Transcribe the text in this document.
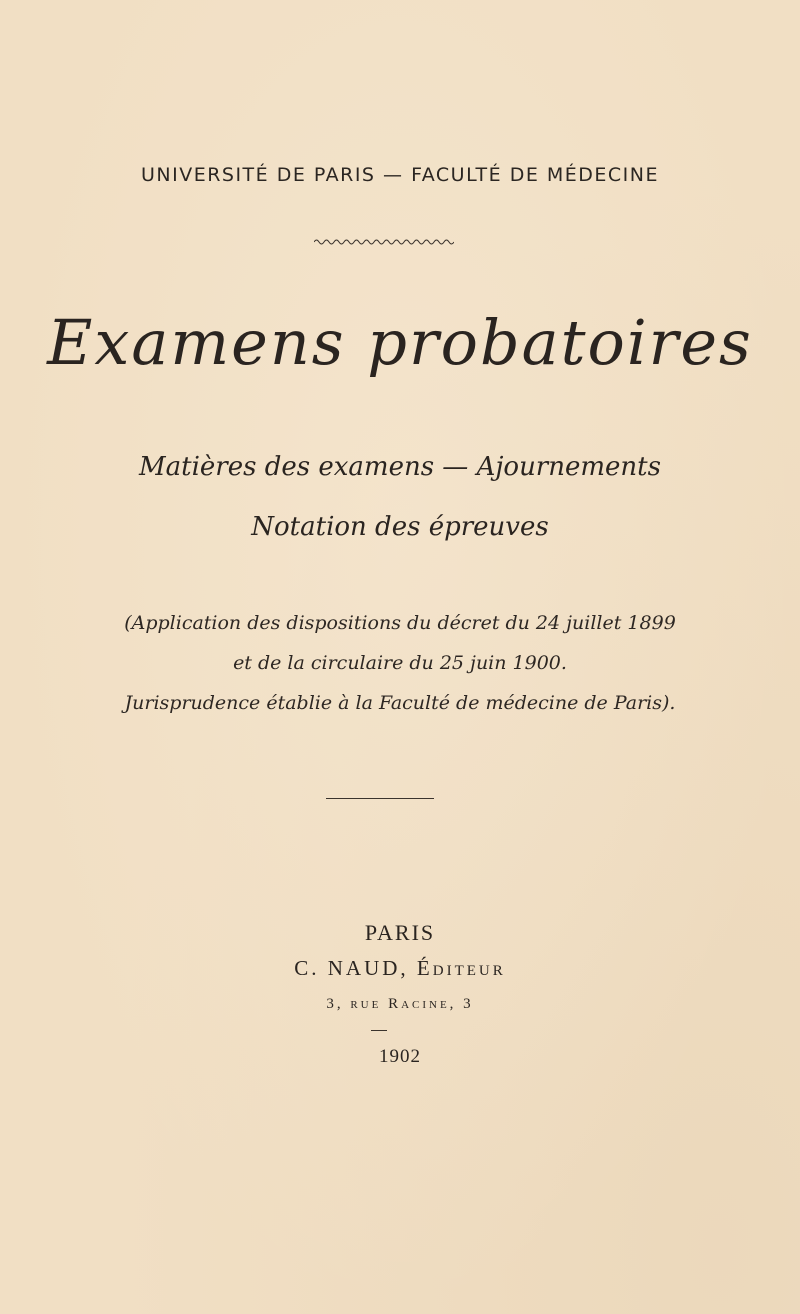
UNIVERSITÉ DE PARIS — FACULTÉ DE MÉDECINE
Examens probatoires
Matières des examens — Ajournements
Notation des épreuves
(Application des dispositions du décret du 24 juillet 1899
et de la circulaire du 25 juin 1900.
Jurisprudence établie à la Faculté de médecine de Paris).
PARIS
C. NAUD, Éditeur
3, rue Racine, 3
1902
